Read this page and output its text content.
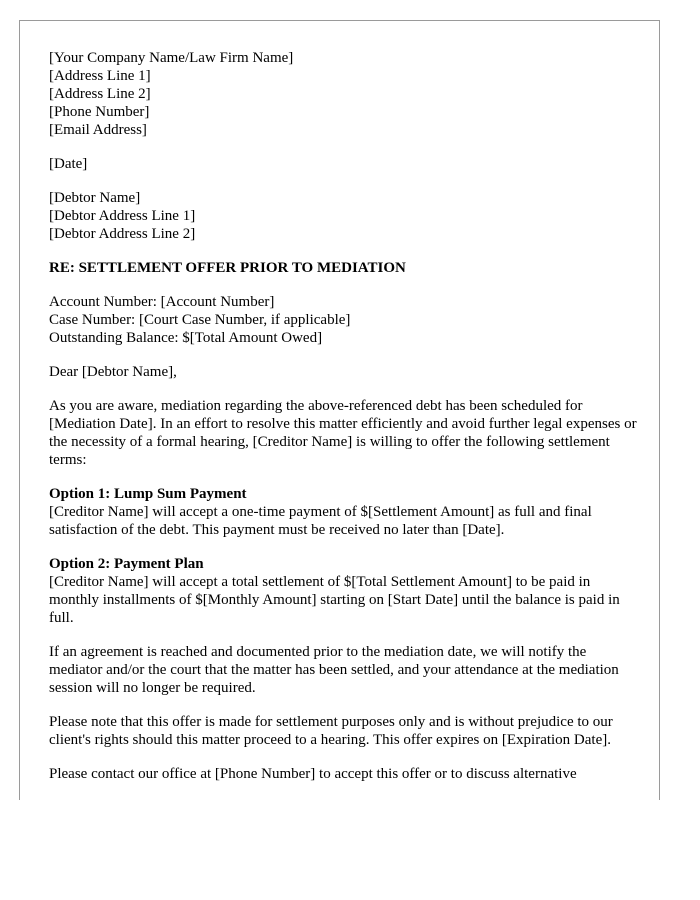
[Your Company Name/Law Firm Name]
[Address Line 1]
[Address Line 2]
[Phone Number]
[Email Address]
[Date]
[Debtor Name]
[Debtor Address Line 1]
[Debtor Address Line 2]
RE: SETTLEMENT OFFER PRIOR TO MEDIATION
Account Number: [Account Number]
Case Number: [Court Case Number, if applicable]
Outstanding Balance: $[Total Amount Owed]
Dear [Debtor Name],
As you are aware, mediation regarding the above-referenced debt has been scheduled for [Mediation Date]. In an effort to resolve this matter efficiently and avoid further legal expenses or the necessity of a formal hearing, [Creditor Name] is willing to offer the following settlement terms:
Option 1: Lump Sum Payment
[Creditor Name] will accept a one-time payment of $[Settlement Amount] as full and final satisfaction of the debt. This payment must be received no later than [Date].
Option 2: Payment Plan
[Creditor Name] will accept a total settlement of $[Total Settlement Amount] to be paid in monthly installments of $[Monthly Amount] starting on [Start Date] until the balance is paid in full.
If an agreement is reached and documented prior to the mediation date, we will notify the mediator and/or the court that the matter has been settled, and your attendance at the mediation session will no longer be required.
Please note that this offer is made for settlement purposes only and is without prejudice to our client's rights should this matter proceed to a hearing. This offer expires on [Expiration Date].
Please contact our office at [Phone Number] to accept this offer or to discuss alternative
